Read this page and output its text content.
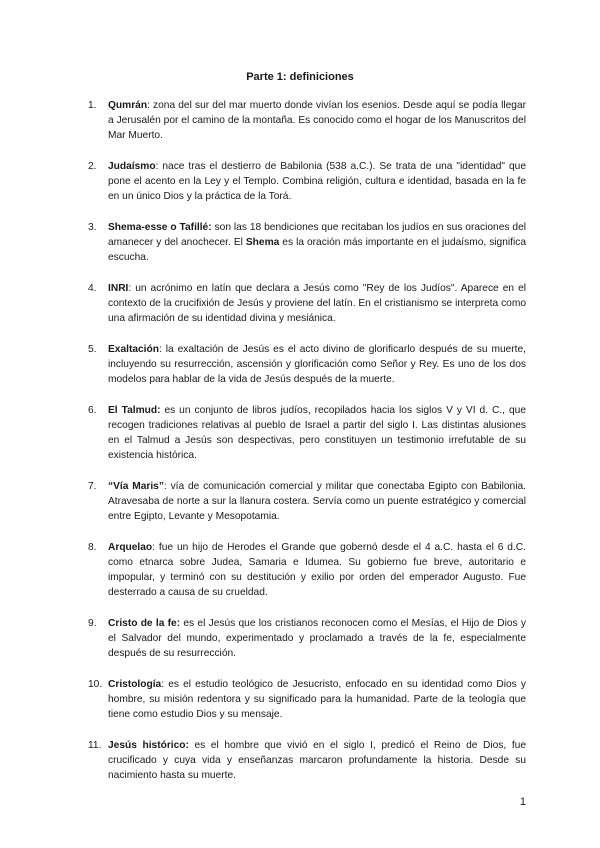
Parte 1: definiciones
1. Qumrán: zona del sur del mar muerto donde vivían los esenios. Desde aquí se podía llegar a Jerusalén por el camino de la montaña. Es conocido como el hogar de los Manuscritos del Mar Muerto.
2. Judaísmo: nace tras el destierro de Babilonia (538 a.C.). Se trata de una "identidad" que pone el acento en la Ley y el Templo. Combina religión, cultura e identidad, basada en la fe en un único Dios y la práctica de la Torá.
3. Shema-esse o Tafillé: son las 18 bendiciones que recitaban los judíos en sus oraciones del amanecer y del anochecer. El Shema es la oración más importante en el judaísmo, significa escucha.
4. INRI: un acrónimo en latín que declara a Jesús como "Rey de los Judíos". Aparece en el contexto de la crucifixión de Jesús y proviene del latín. En el cristianismo se interpreta como una afirmación de su identidad divina y mesiánica.
5. Exaltación: la exaltación de Jesús es el acto divino de glorificarlo después de su muerte, incluyendo su resurrección, ascensión y glorificación como Señor y Rey. Es uno de los dos modelos para hablar de la vida de Jesús después de la muerte.
6. El Talmud: es un conjunto de libros judíos, recopilados hacia los siglos V y VI d. C., que recogen tradiciones relativas al pueblo de Israel a partir del siglo I. Las distintas alusiones en el Talmud a Jesús son despectivas, pero constituyen un testimonio irrefutable de su existencia histórica.
7. “Vía Maris”: vía de comunicación comercial y militar que conectaba Egipto con Babilonia. Atravesaba de norte a sur la llanura costera. Servía como un puente estratégico y comercial entre Egipto, Levante y Mesopotamia.
8. Arquelao: fue un hijo de Herodes el Grande que gobernó desde el 4 a.C. hasta el 6 d.C. como etnarca sobre Judea, Samaria e Idumea. Su gobierno fue breve, autoritario e impopular, y terminó con su destitución y exilio por orden del emperador Augusto. Fue desterrado a causa de su crueldad.
9. Cristo de la fe: es el Jesús que los cristianos reconocen como el Mesías, el Hijo de Dios y el Salvador del mundo, experimentado y proclamado a través de la fe, especialmente después de su resurrección.
10. Cristología: es el estudio teológico de Jesucristo, enfocado en su identidad como Dios y hombre, su misión redentora y su significado para la humanidad. Parte de la teología que tiene como estudio Dios y su mensaje.
11. Jesús histórico: es el hombre que vivió en el siglo I, predicó el Reino de Dios, fue crucificado y cuya vida y enseñanzas marcaron profundamente la historia. Desde su nacimiento hasta su muerte.
1
